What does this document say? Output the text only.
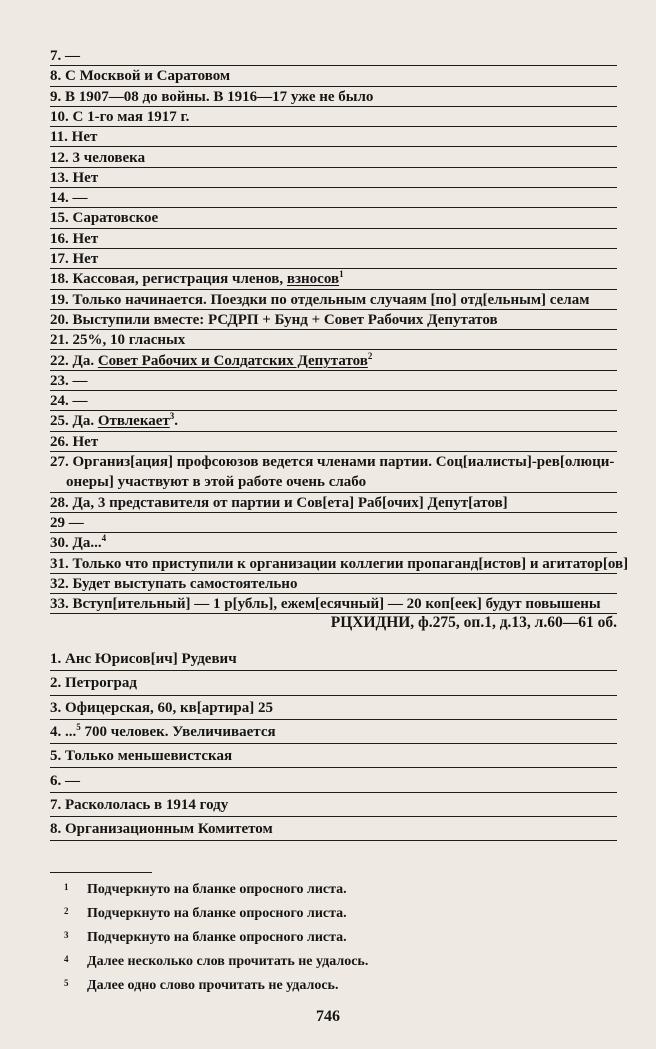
7. —
8. С Москвой и Саратовом
9. В 1907—08 до войны. В 1916—17 уже не было
10. С 1-го мая 1917 г.
11. Нет
12. 3 человека
13. Нет
14. —
15. Саратовское
16. Нет
17. Нет
18. Кассовая, регистрация членов, взносов$^1$
19. Только начинается. Поездки по отдельным случаям [по] отд[ельным] селам
20. Выступили вместе: РСДРП + Бунд + Совет Рабочих Депутатов
21. 25%, 10 гласных
22. Да. Совет Рабочих и Солдатских Депутатов$^2$
23. —
24. —
25. Да. Отвлекает$^3$.
26. Нет
27. Организ[ация] профсоюзов ведется членами партии. Соц[иалисты]-рев[олюци-
онеры] участвуют в этой работе очень слабо
28. Да, 3 представителя от партии и Сов[ета] Раб[очих] Депут[атов]
29 —
30. Да...$^4$
31. Только что приступили к организации коллегии пропаганд[истов] и агитатор[ов]
32. Будет выступать самостоятельно
33. Вступ[ительный] — 1 р[убль], ежем[есячный] — 20 коп[еек] будут повышены
РЦХИДНИ, ф.275, оп.1, д.13, л.60—61 об.
1. Анс Юрисов[ич] Рудевич
2. Петроград
3. Офицерская, 60, кв[артира] 25
4. ...$^5$ 700 человек. Увеличивается
5. Только меньшевистская
6. —
7. Раскололась в 1914 году
8. Организационным Комитетом
1 Подчеркнуто на бланке опросного листа.
2 Подчеркнуто на бланке опросного листа.
3 Подчеркнуто на бланке опросного листа.
4 Далее несколько слов прочитать не удалось.
5 Далее одно слово прочитать не удалось.
746
